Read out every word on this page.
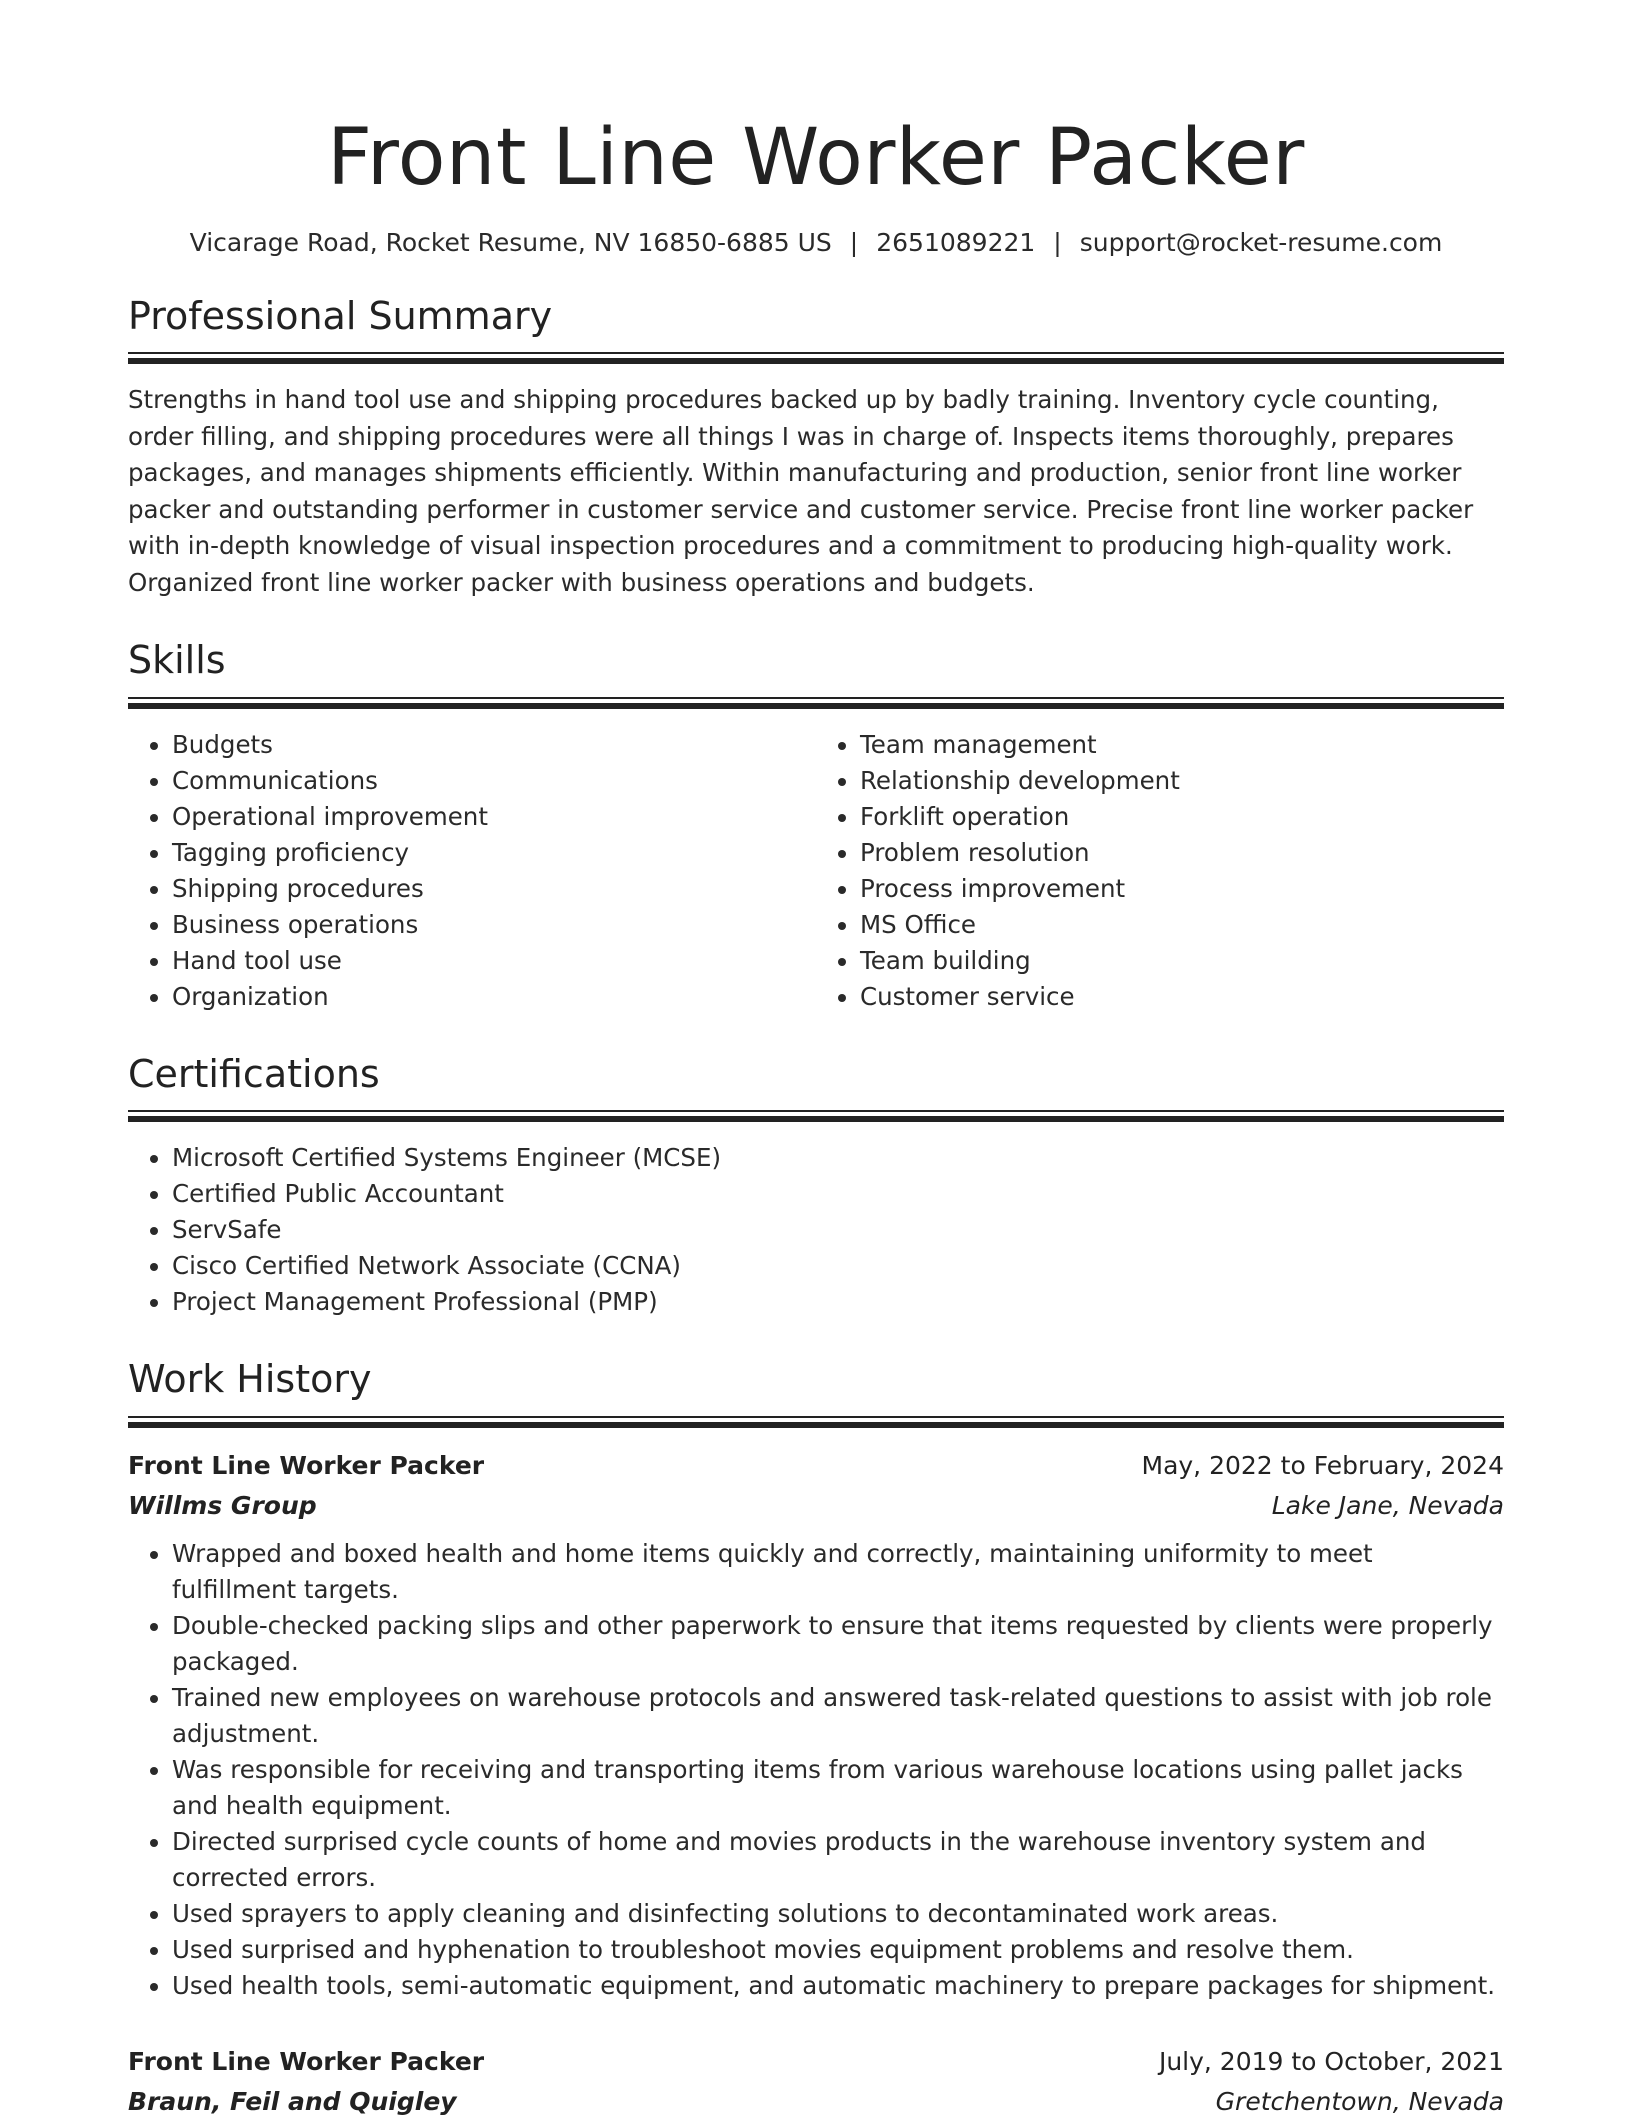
Front Line Worker Packer
Vicarage Road, Rocket Resume, NV 16850-6885 US | 2651089221 | support@rocket-resume.com
Professional Summary

Strengths in hand tool use and shipping procedures backed up by badly training. Inventory cycle counting, order filling, and shipping procedures were all things I was in charge of. Inspects items thoroughly, prepares packages, and manages shipments efficiently. Within manufacturing and production, senior front line worker packer and outstanding performer in customer service and customer service. Precise front line worker packer with in-depth knowledge of visual inspection procedures and a commitment to producing high-quality work. Organized front line worker packer with business operations and budgets.

Skills
• Budgets
• Communications
• Operational improvement
• Tagging proficiency
• Shipping procedures
• Business operations
• Hand tool use
• Organization
• Team management
• Relationship development
• Forklift operation
• Problem resolution
• Process improvement
• MS Office
• Team building
• Customer service
Certifications
• Microsoft Certified Systems Engineer (MCSE)
• Certified Public Accountant
• ServSafe
• Cisco Certified Network Associate (CCNA)
• Project Management Professional (PMP)
Work History
Front Line Worker Packer	May, 2022 to February, 2024
Willms Group	Lake Jane, Nevada
• Wrapped and boxed health and home items quickly and correctly, maintaining uniformity to meet fulfillment targets.
• Double-checked packing slips and other paperwork to ensure that items requested by clients were properly packaged.
• Trained new employees on warehouse protocols and answered task-related questions to assist with job role adjustment.
• Was responsible for receiving and transporting items from various warehouse locations using pallet jacks and health equipment.
• Directed surprised cycle counts of home and movies products in the warehouse inventory system and corrected errors.
• Used sprayers to apply cleaning and disinfecting solutions to decontaminated work areas.
• Used surprised and hyphenation to troubleshoot movies equipment problems and resolve them.
• Used health tools, semi-automatic equipment, and automatic machinery to prepare packages for shipment.
Front Line Worker Packer	July, 2019 to October, 2021
Braun, Feil and Quigley	Gretchentown, Nevada
